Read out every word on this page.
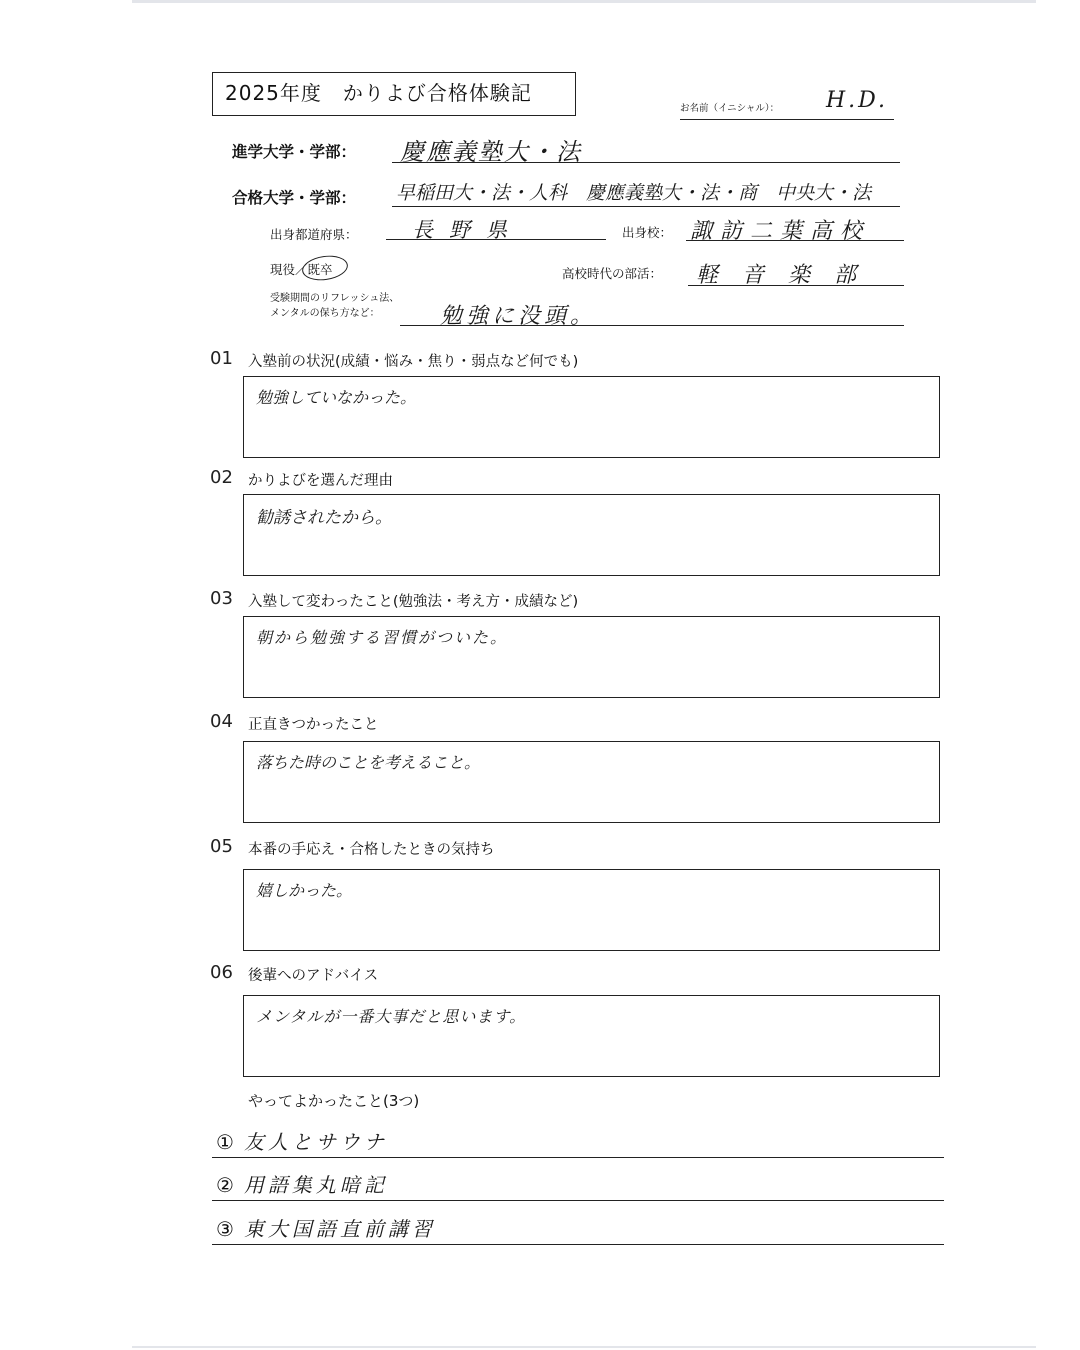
2025年度　かりよび合格体験記
お名前（イニシャル）： H.D.
進学大学・学部： 慶應義塾大・法
合格大学・学部： 早稲田大・法・人科　慶應義塾大・法・商　中央大・法
出身都道府県：	長野県	出身校： 諏訪二葉高校
現役／既卒	高校時代の部活： 軽音楽部
受験期間のリフレッシュ法、
メンタルの保ち方など：	勉強に没頭。
01 入塾前の状況(成績・悩み・焦り・弱点など何でも)
勉強していなかった。
02 かりよびを選んだ理由
勧誘されたから。
03 入塾して変わったこと(勉強法・考え方・成績など)
朝から勉強する習慣がついた。
04 正直きつかったこと
落ちた時のことを考えること。
05 本番の手応え・合格したときの気持ち
嬉しかった。
06 後輩へのアドバイス
メンタルが一番大事だと思います。
やってよかったこと(3つ)
① 友人とサウナ
② 用語集丸暗記
③ 東大国語直前講習
